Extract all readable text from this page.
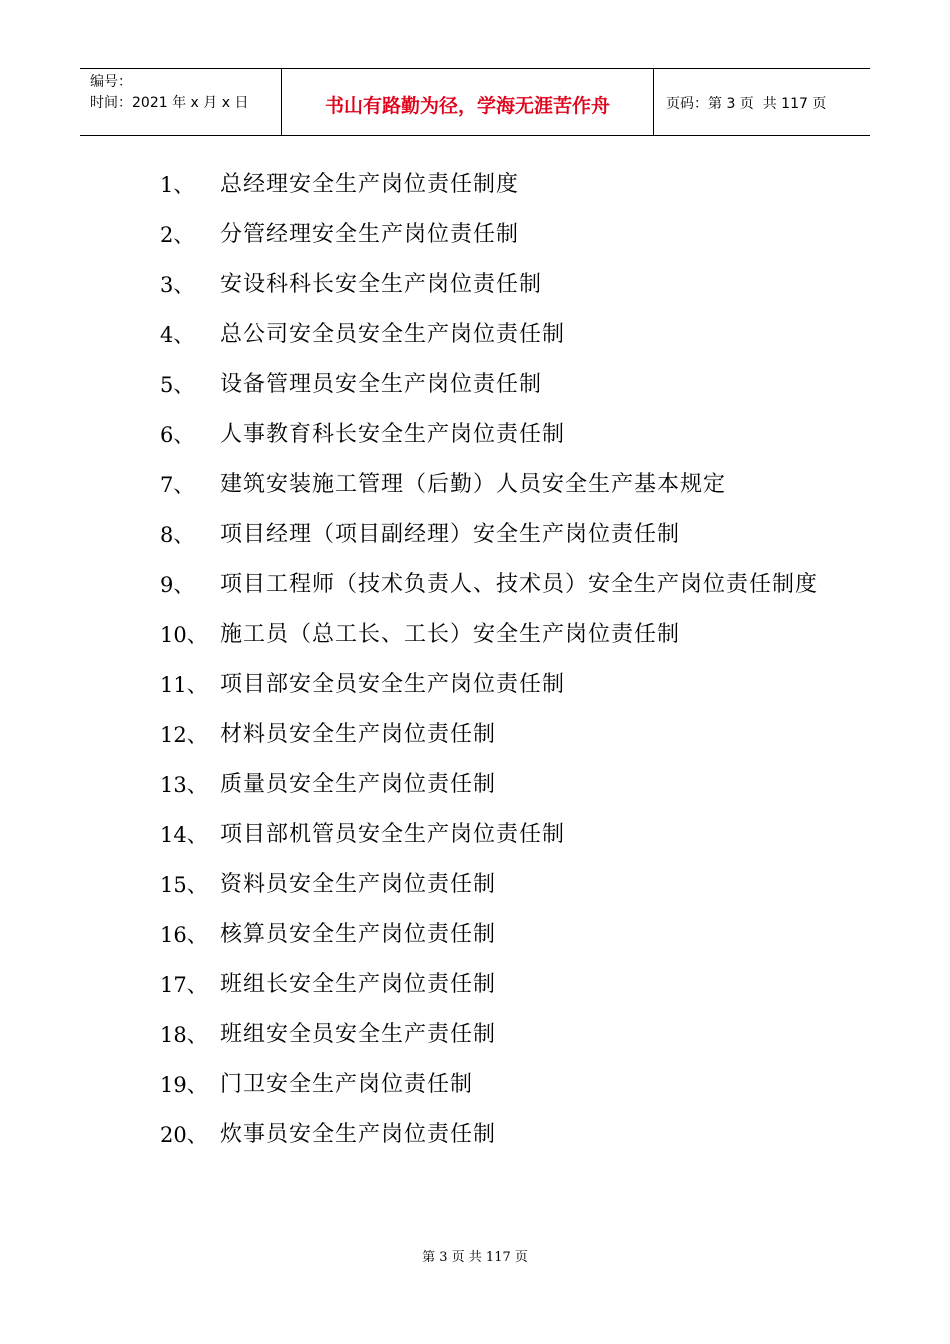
编号：
时间：2021 年 x 月 x 日	书山有路勤为径，学海无涯苦作舟	页码：第 3 页  共 117 页
1、	总经理安全生产岗位责任制度
2、	分管经理安全生产岗位责任制
3、	安设科科长安全生产岗位责任制
4、	总公司安全员安全生产岗位责任制
5、	设备管理员安全生产岗位责任制
6、	人事教育科长安全生产岗位责任制
7、	建筑安装施工管理（后勤）人员安全生产基本规定
8、	项目经理（项目副经理）安全生产岗位责任制
9、	项目工程师（技术负责人、技术员）安全生产岗位责任制度
10、 施工员（总工长、工长）安全生产岗位责任制
11、 项目部安全员安全生产岗位责任制
12、 材料员安全生产岗位责任制
13、 质量员安全生产岗位责任制
14、 项目部机管员安全生产岗位责任制
15、 资料员安全生产岗位责任制
16、 核算员安全生产岗位责任制
17、 班组长安全生产岗位责任制
18、 班组安全员安全生产责任制
19、 门卫安全生产岗位责任制
20、 炊事员安全生产岗位责任制
第 3 页 共 117 页
